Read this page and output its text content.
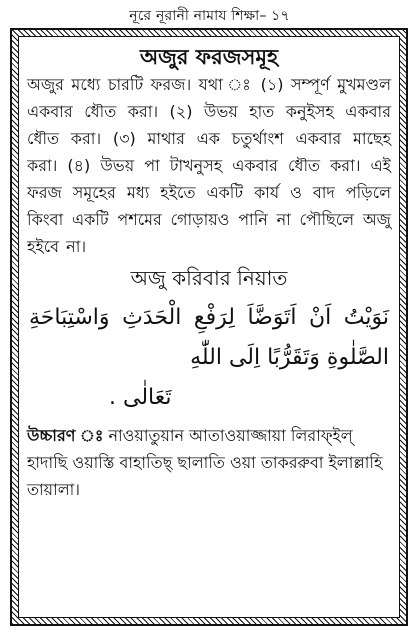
নূরে নূরানী নামায শিক্ষা– ১৭
অজুর ফরজসমূহ
অজুর মধ্যে চারটি ফরজ। যথা ঃ (১) সম্পূর্ণ মুখমণ্ডল একবার ধৌত করা। (২) উভয় হাত কনুইসহ একবার ধৌত করা। (৩) মাথার এক চতুর্থাংশ একবার মাছেহ করা। (৪) উভয় পা টাখনুসহ একবার ধৌত করা। এই ফরজ সমূহের মধ্য হইতে একটি কার্য ও বাদ পড়িলে কিংবা একটি পশমের গোড়ায়ও পানি না পৌছিলে অজু হইবে না।
অজু করিবার নিয়াত
نَوَيْتُ اَنْ اَتَوَضَّاَ لِرَفْعِ الْحَدَثِ وَاسْتِبَاحَةِ الصَّلٰوةِ وَتَقَرُّبًا اِلَى اللّٰهِ
تَعَالٰى .
উচ্চারণ ঃ নাওয়াতুয়ান আতাওয়াজ্জায়া লিরাফ্‌ইল্‌ হাদাছি ওয়াস্তি বাহাতিছ্‌ ছালাতি ওয়া তাকররুবা ইলাল্লাহি তায়ালা।
